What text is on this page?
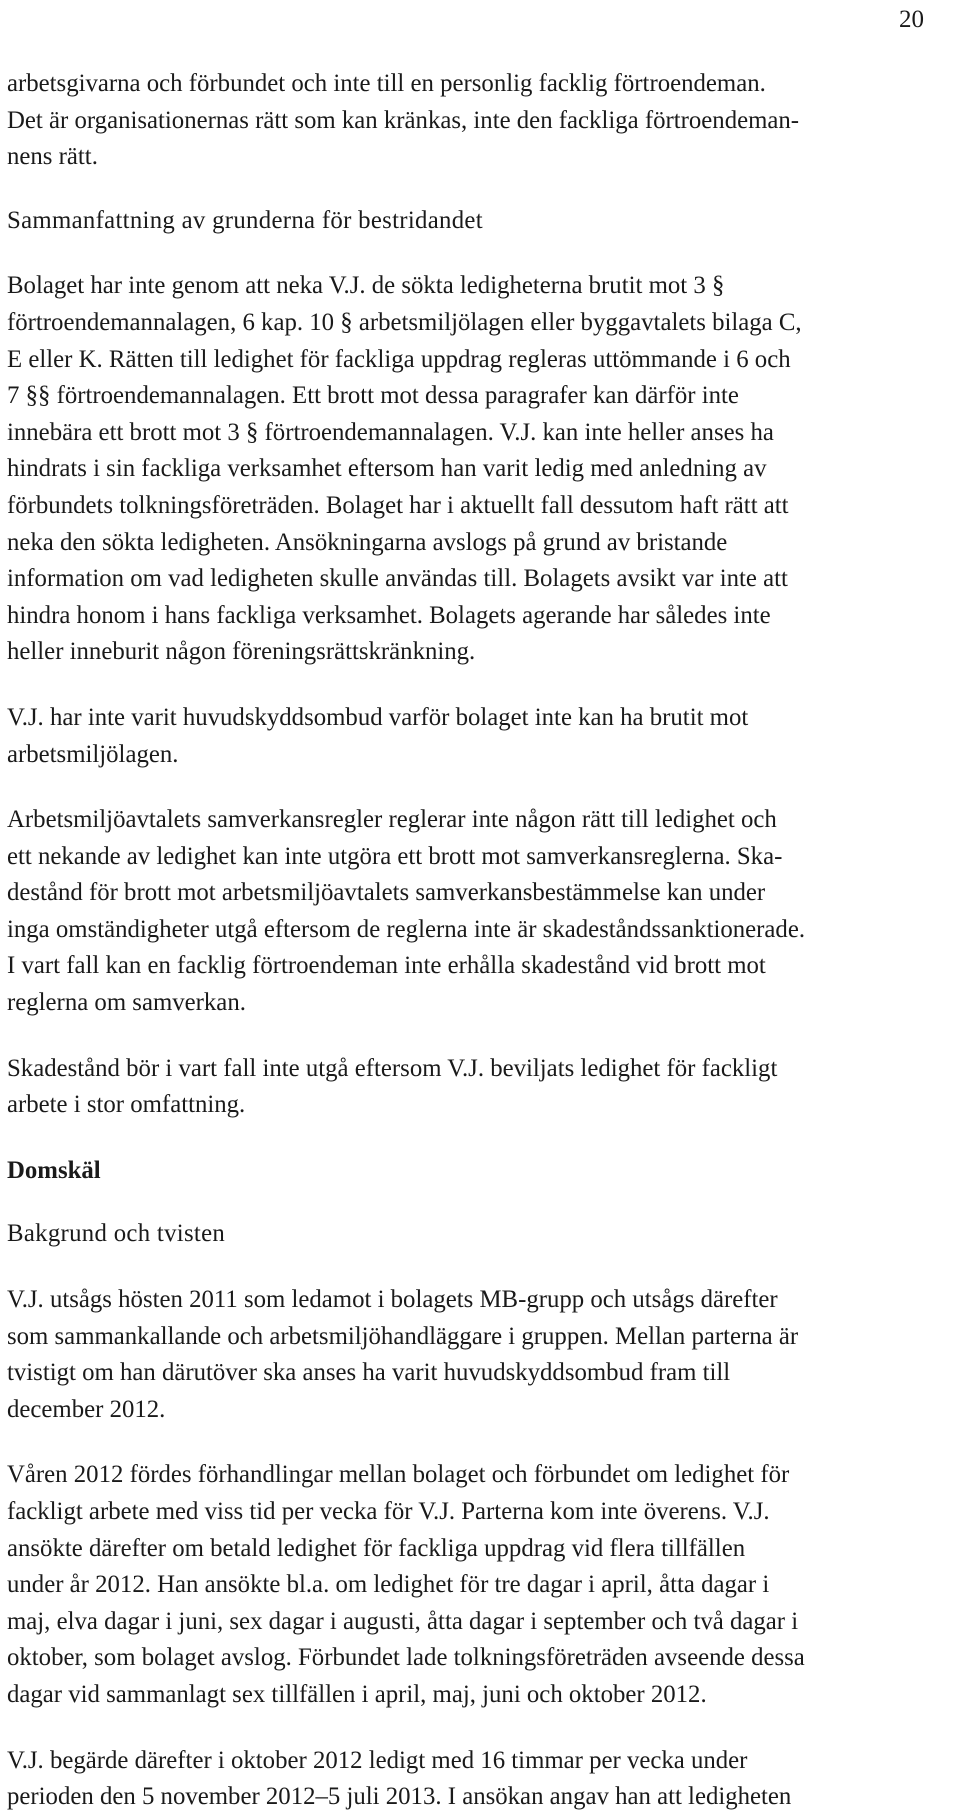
20
arbetsgivarna och förbundet och inte till en personlig facklig förtroendeman.
Det är organisationernas rätt som kan kränkas, inte den fackliga förtroendeman-
nens rätt.
Sammanfattning av grunderna för bestridandet
Bolaget har inte genom att neka V.J. de sökta ledigheterna brutit mot 3 §
förtroendemannalagen, 6 kap. 10 § arbetsmiljölagen eller byggavtalets bilaga C,
E eller K. Rätten till ledighet för fackliga uppdrag regleras uttömmande i 6 och
7 §§ förtroendemannalagen. Ett brott mot dessa paragrafer kan därför inte
innebära ett brott mot 3 § förtroendemannalagen. V.J. kan inte heller anses ha
hindrats i sin fackliga verksamhet eftersom han varit ledig med anledning av
förbundets tolkningsföreträden. Bolaget har i aktuellt fall dessutom haft rätt att
neka den sökta ledigheten. Ansökningarna avslogs på grund av bristande
information om vad ledigheten skulle användas till. Bolagets avsikt var inte att
hindra honom i hans fackliga verksamhet. Bolagets agerande har således inte
heller inneburit någon föreningsrättskränkning.
V.J. har inte varit huvudskyddsombud varför bolaget inte kan ha brutit mot
arbetsmiljölagen.
Arbetsmiljöavtalets samverkansregler reglerar inte någon rätt till ledighet och
ett nekande av ledighet kan inte utgöra ett brott mot samverkansreglerna. Ska-
destånd för brott mot arbetsmiljöavtalets samverkansbestämmelse kan under
inga omständigheter utgå eftersom de reglerna inte är skadeståndssanktionerade.
I vart fall kan en facklig förtroendeman inte erhålla skadestånd vid brott mot
reglerna om samverkan.
Skadestånd bör i vart fall inte utgå eftersom V.J. beviljats ledighet för fackligt
arbete i stor omfattning.
Domskäl
Bakgrund och tvisten
V.J. utsågs hösten 2011 som ledamot i bolagets MB-grupp och utsågs därefter
som sammankallande och arbetsmiljöhandläggare i gruppen. Mellan parterna är
tvistigt om han därutöver ska anses ha varit huvudskyddsombud fram till
december 2012.
Våren 2012 fördes förhandlingar mellan bolaget och förbundet om ledighet för
fackligt arbete med viss tid per vecka för V.J. Parterna kom inte överens. V.J.
ansökte därefter om betald ledighet för fackliga uppdrag vid flera tillfällen
under år 2012. Han ansökte bl.a. om ledighet för tre dagar i april, åtta dagar i
maj, elva dagar i juni, sex dagar i augusti, åtta dagar i september och två dagar i
oktober, som bolaget avslog. Förbundet lade tolkningsföreträden avseende dessa
dagar vid sammanlagt sex tillfällen i april, maj, juni och oktober 2012.
V.J. begärde därefter i oktober 2012 ledigt med 16 timmar per vecka under
perioden den 5 november 2012–5 juli 2013. I ansökan angav han att ledigheten
